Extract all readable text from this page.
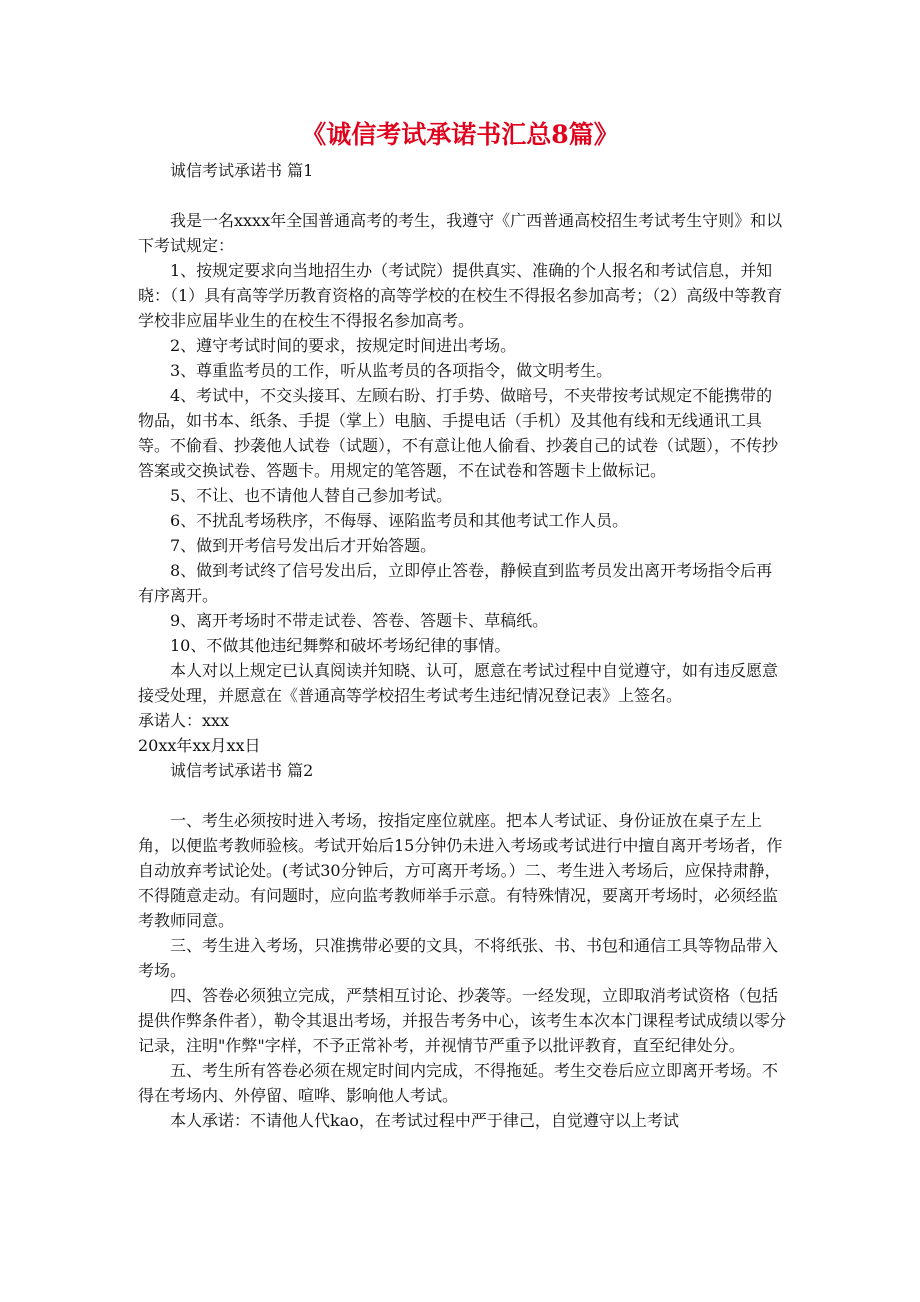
《诚信考试承诺书汇总8篇》

诚信考试承诺书 篇1

我是一名xxxx年全国普通高考的考生，我遵守《广西普通高校招生考试考生守则》和以下考试规定：

1、按规定要求向当地招生办（考试院）提供真实、准确的个人报名和考试信息，并知晓：（1）具有高等学历教育资格的高等学校的在校生不得报名参加高考；（2）高级中等教育学校非应届毕业生的在校生不得报名参加高考。

2、遵守考试时间的要求，按规定时间进出考场。

3、尊重监考员的工作，听从监考员的各项指令，做文明考生。

4、考试中，不交头接耳、左顾右盼、打手势、做暗号，不夹带按考试规定不能携带的物品，如书本、纸条、手提（掌上）电脑、手提电话（手机）及其他有线和无线通讯工具等。不偷看、抄袭他人试卷（试题），不有意让他人偷看、抄袭自己的试卷（试题），不传抄答案或交换试卷、答题卡。用规定的笔答题，不在试卷和答题卡上做标记。

5、不让、也不请他人替自己参加考试。

6、不扰乱考场秩序，不侮辱、诬陷监考员和其他考试工作人员。

7、做到开考信号发出后才开始答题。

8、做到考试终了信号发出后，立即停止答卷，静候直到监考员发出离开考场指令后再有序离开。

9、离开考场时不带走试卷、答卷、答题卡、草稿纸。

10、不做其他违纪舞弊和破坏考场纪律的事情。

本人对以上规定已认真阅读并知晓、认可，愿意在考试过程中自觉遵守，如有违反愿意接受处理，并愿意在《普通高等学校招生考试考生违纪情况登记表》上签名。

承诺人：xxx

20xx年xx月xx日

诚信考试承诺书 篇2

一、考生必须按时进入考场，按指定座位就座。把本人考试证、身份证放在桌子左上角，以便监考教师验核。考试开始后15分钟仍未进入考场或考试进行中擅自离开考场者，作自动放弃考试论处。(考试30分钟后，方可离开考场。）二、考生进入考场后，应保持肃静，不得随意走动。有问题时，应向监考教师举手示意。有特殊情况，要离开考场时，必须经监考教师同意。

三、考生进入考场，只准携带必要的文具，不将纸张、书、书包和通信工具等物品带入考场。

四、答卷必须独立完成，严禁相互讨论、抄袭等。一经发现，立即取消考试资格（包括提供作弊条件者），勒令其退出考场，并报告考务中心，该考生本次本门课程考试成绩以零分记录，注明"作弊"字样，不予正常补考，并视情节严重予以批评教育，直至纪律处分。

五、考生所有答卷必须在规定时间内完成，不得拖延。考生交卷后应立即离开考场。不得在考场内、外停留、喧哗、影响他人考试。

本人承诺：不请他人代kao，在考试过程中严于律己，自觉遵守以上考试
